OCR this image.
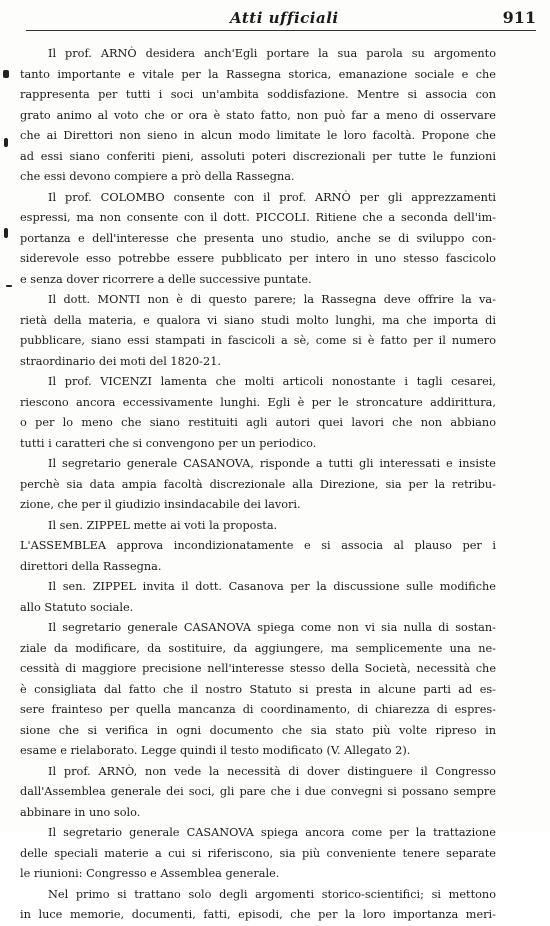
Atti ufficiali	911
Il prof. ARNÒ desidera anch'Egli portare la sua parola su argomento
tanto importante e vitale per la Rassegna storica, emanazione sociale e che
rappresenta per tutti i soci un'ambita soddisfazione. Mentre si associa con
grato animo al voto che or ora è stato fatto, non può far a meno di osservare
che ai Direttori non sieno in alcun modo limitate le loro facoltà. Propone che
ad essi siano conferiti pieni, assoluti poteri discrezionali per tutte le funzioni
che essi devono compiere a prò della Rassegna.
Il prof. COLOMBO consente con il prof. ARNÒ per gli apprezzamenti
espressi, ma non consente con il dott. PICCOLI. Ritiene che a seconda dell'im-
portanza e dell'interesse che presenta uno studio, anche se di sviluppo con-
siderevole esso potrebbe essere pubblicato per intero in uno stesso fascicolo
e senza dover ricorrere a delle successive puntate.
Il dott. MONTI non è di questo parere; la Rassegna deve offrire la va-
rietà della materia, e qualora vi siano studi molto lunghi, ma che importa di
pubblicare, siano essi stampati in fascicoli a sè, come si è fatto per il numero
straordinario dei moti del 1820-21.
Il prof. VICENZI lamenta che molti articoli nonostante i tagli cesarei,
riescono ancora eccessivamente lunghi. Egli è per le stroncature addirittura,
o per lo meno che siano restituiti agli autori quei lavori che non abbiano
tutti i caratteri che si convengono per un periodico.
Il segretario generale CASANOVA, risponde a tutti gli interessati e insiste
perchè sia data ampia facoltà discrezionale alla Direzione, sia per la retribu-
zione, che per il giudizio insindacabile dei lavori.
Il sen. ZIPPEL mette ai voti la proposta.
L'ASSEMBLEA approva incondizionatamente e si associa al plauso per i
direttori della Rassegna.
Il sen. ZIPPEL invita il dott. Casanova per la discussione sulle modifiche
allo Statuto sociale.
Il segretario generale CASANOVA spiega come non vi sia nulla di sostan-
ziale da modificare, da sostituire, da aggiungere, ma semplicemente una ne-
cessità di maggiore precisione nell'interesse stesso della Società, necessità che
è consigliata dal fatto che il nostro Statuto si presta in alcune parti ad es-
sere frainteso per quella mancanza di coordinamento, di chiarezza di espres-
sione che si verifica in ogni documento che sia stato più volte ripreso in
esame e rielaborato. Legge quindi il testo modificato (V. Allegato 2).
Il prof. ARNÒ, non vede la necessità di dover distinguere il Congresso
dall'Assemblea generale dei soci, gli pare che i due convegni si possano sempre
abbinare in uno solo.
Il segretario generale CASANOVA spiega ancora come per la trattazione
delle speciali materie a cui si riferiscono, sia più conveniente tenere separate
le riunioni: Congresso e Assemblea generale.
Nel primo si trattano solo degli argomenti storico-scientifici; si mettono
in luce memorie, documenti, fatti, episodi, che per la loro importanza meri-
